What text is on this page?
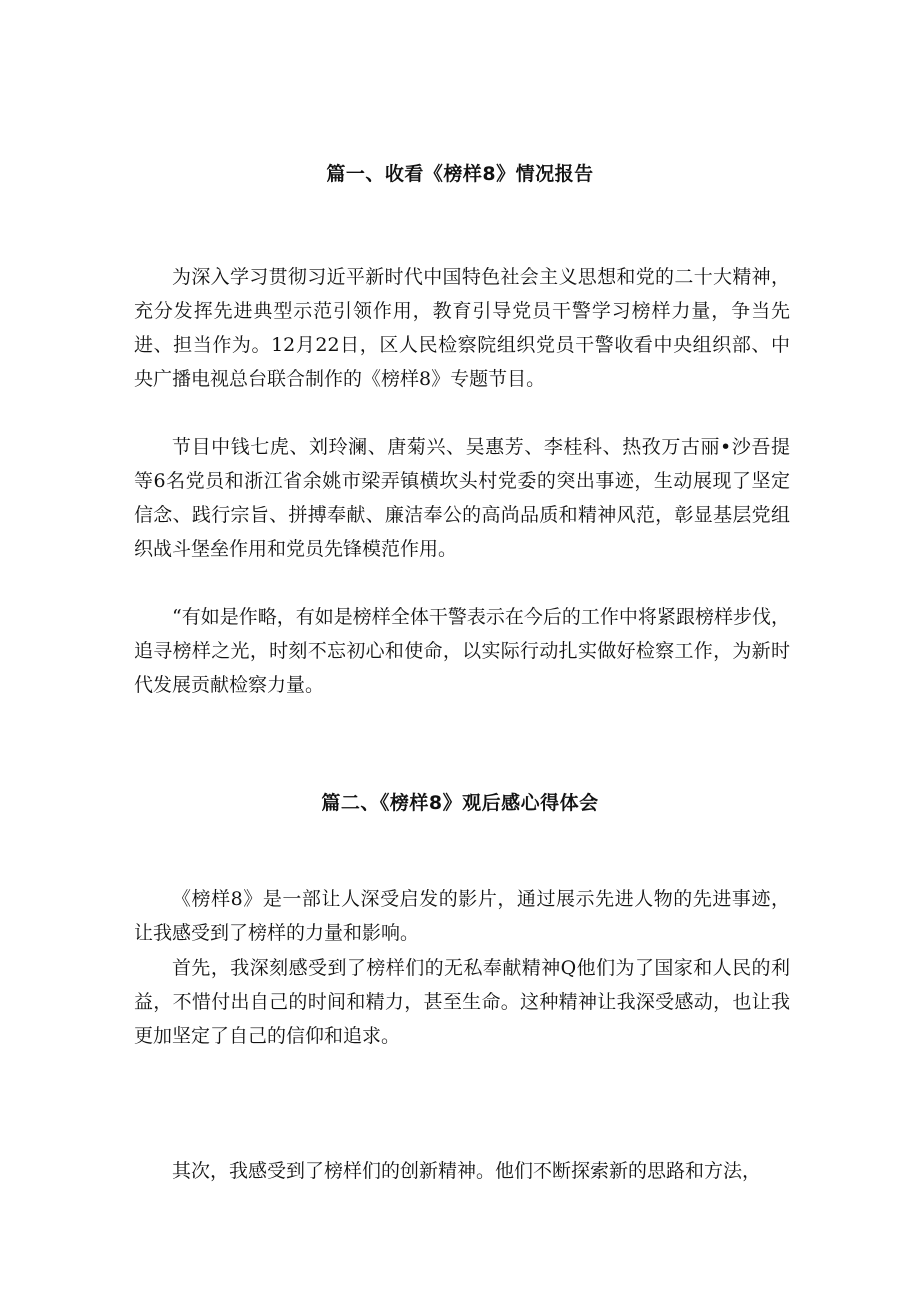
篇一、收看《榜样8》情况报告

为深入学习贯彻习近平新时代中国特色社会主义思想和党的二十大精神，充分发挥先进典型示范引领作用，教育引导党员干警学习榜样力量，争当先进、担当作为。12月22日，区人民检察院组织党员干警收看中央组织部、中央广播电视总台联合制作的《榜样8》专题节目。

节目中钱七虎、刘玲澜、唐菊兴、吴惠芳、李桂科、热孜万古丽•沙吾提等6名党员和浙江省余姚市梁弄镇横坎头村党委的突出事迹，生动展现了坚定信念、践行宗旨、拼搏奉献、廉洁奉公的高尚品质和精神风范，彰显基层党组织战斗堡垒作用和党员先锋模范作用。

“有如是作略，有如是榜样全体干警表示在今后的工作中将紧跟榜样步伐，追寻榜样之光，时刻不忘初心和使命，以实际行动扎实做好检察工作，为新时代发展贡献检察力量。

篇二、《榜样8》观后感心得体会

《榜样8》是一部让人深受启发的影片，通过展示先进人物的先进事迹，让我感受到了榜样的力量和影响。

首先，我深刻感受到了榜样们的无私奉献精神Q他们为了国家和人民的利益，不惜付出自己的时间和精力，甚至生命。这种精神让我深受感动，也让我更加坚定了自己的信仰和追求。

其次，我感受到了榜样们的创新精神。他们不断探索新的思路和方法，
